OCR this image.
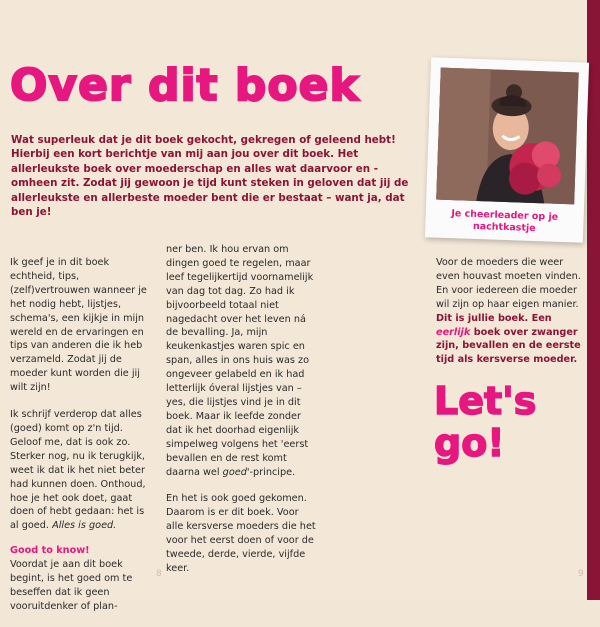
Over dit boek
Wat superleuk dat je dit boek gekocht, gekregen of geleend hebt! Hierbij een kort berichtje van mij aan jou over dit boek. Het allerleukste boek over moederschap en alles wat daarvoor en -omheen zit. Zodat jij gewoon je tijd kunt steken in geloven dat jij de allerleukste en allerbeste moeder bent die er bestaat – want ja, dat ben je!

Ik geef je in dit boek echtheid, tips, (zelf)vertrouwen wanneer je het nodig hebt, lijstjes, schema's, een kijkje in mijn wereld en de ervaringen en tips van anderen die ik heb verzameld. Zodat jij de moeder kunt worden die jij wilt zijn!

Ik schrijf verderop dat alles (goed) komt op z'n tijd. Geloof me, dat is ook zo. Sterker nog, nu ik terugkijk, weet ik dat ik het niet beter had kunnen doen. Onthoud, hoe je het ook doet, gaat doen of hebt gedaan: het is al goed. Alles is goed.

Good to know!
Voordat je aan dit boek begint, is het goed om te beseffen dat ik geen vooruitdenker of plan-

ner ben. Ik hou ervan om dingen goed te regelen, maar leef tegelijkertijd voornamelijk van dag tot dag. Zo had ik bijvoorbeeld totaal niet nagedacht over het leven ná de bevalling. Ja, mijn keukenkastjes waren spic en span, alles in ons huis was zo ongeveer gelabeld en ik had letterlijk óveral lijstjes van – yes, die lijstjes vind je in dit boek. Maar ik leefde zonder dat ik het doorhad eigenlijk simpelweg volgens het 'eerst bevallen en de rest komt daarna wel goed'-principe.

En het is ook goed gekomen. Daarom is er dit boek. Voor alle kersverse moeders die het voor het eerst doen of voor de tweede, derde, vierde, vijfde keer.

Je cheerleader op je nachtkastje

Voor de moeders die weer even houvast moeten vinden. En voor iedereen die moeder wil zijn op haar eigen manier.

Dit is jullie boek. Een eerlijk boek over zwanger zijn, bevallen en de eerste tijd als kersverse moeder.

Let's
go!
8	9
